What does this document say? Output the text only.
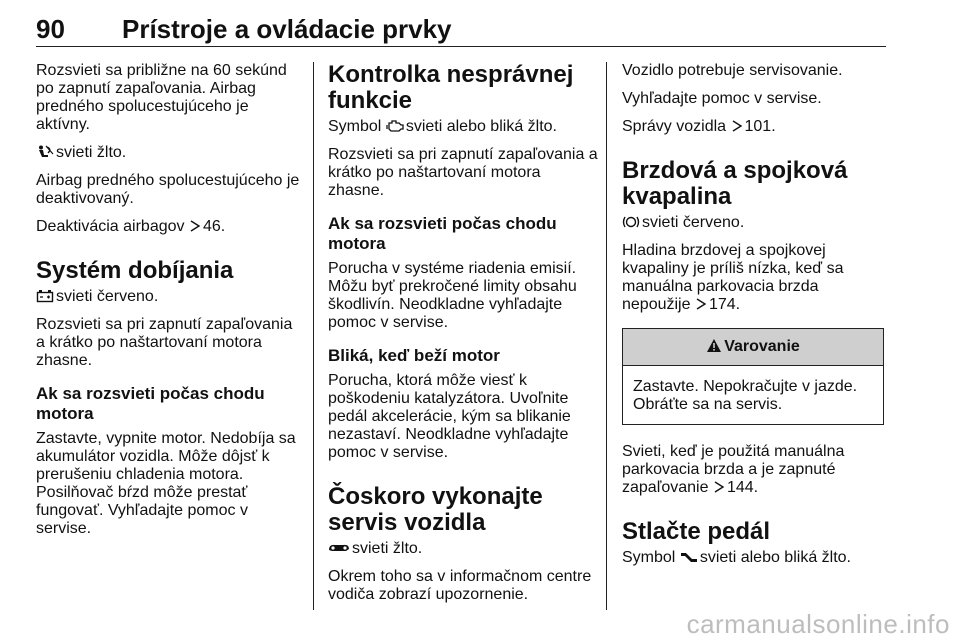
90 Prístroje a ovládacie prvky

Rozsvieti sa približne na 60 sekúnd po zapnutí zapaľovania. Airbag predného spolucestujúceho je aktívny.

svieti žlto.

Airbag predného spolucestujúceho je deaktivovaný.

Deaktivácia airbagov 46.

Systém dobíjania

svieti červeno.

Rozsvieti sa pri zapnutí zapaľovania a krátko po naštartovaní motora zhasne.

Ak sa rozsvieti počas chodu motora

Zastavte, vypnite motor. Nedobíja sa akumulátor vozidla. Môže dôjsť k prerušeniu chladenia motora. Posilňovač bŕzd môže prestať fungovať. Vyhľadajte pomoc v servise.

Kontrolka nesprávnej funkcie

Symbol svieti alebo bliká žlto.

Rozsvieti sa pri zapnutí zapaľovania a krátko po naštartovaní motora zhasne.

Ak sa rozsvieti počas chodu motora

Porucha v systéme riadenia emisií. Môžu byť prekročené limity obsahu škodlivín. Neodkladne vyhľadajte pomoc v servise.

Bliká, keď beží motor

Porucha, ktorá môže viesť k poškodeniu katalyzátora. Uvoľnite pedál akcelerácie, kým sa blikanie nezastaví. Neodkladne vyhľadajte pomoc v servise.

Čoskoro vykonajte servis vozidla

svieti žlto.

Okrem toho sa v informačnom centre vodiča zobrazí upozornenie.

Vozidlo potrebuje servisovanie.

Vyhľadajte pomoc v servise.

Správy vozidla 101.

Brzdová a spojková kvapalina

svieti červeno.

Hladina brzdovej a spojkovej kvapaliny je príliš nízka, keď sa manuálna parkovacia brzda nepoužije 174.

Varovanie

Zastavte. Nepokračujte v jazde. Obráťte sa na servis.

Svieti, keď je použitá manuálna parkovacia brzda a je zapnuté zapaľovanie 144.

Stlačte pedál

Symbol svieti alebo bliká žlto.

carmanualsonline.info
